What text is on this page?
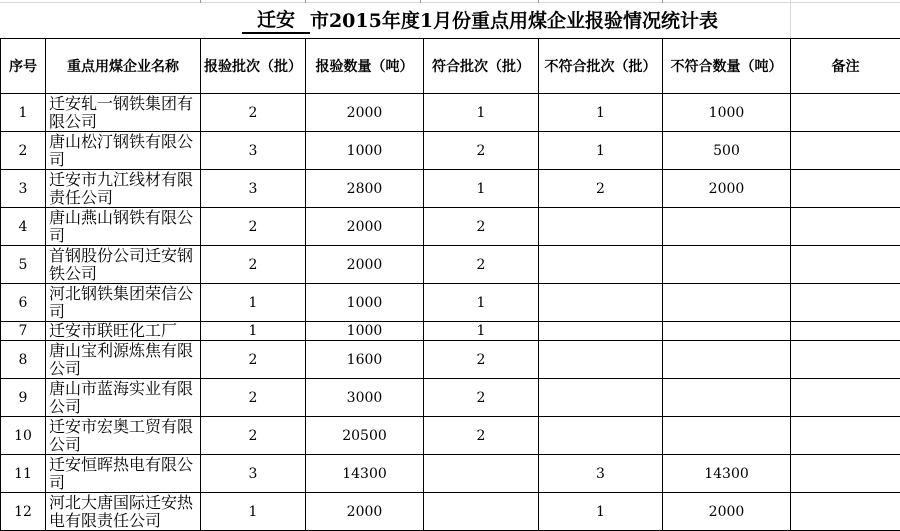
迁安 市2015年度1月份重点用煤企业报验情况统计表
序号	重点用煤企业名称	报验批次（批）	报验数量（吨）	符合批次（批）	不符合批次（批）	不符合数量（吨）	备注
1	迁安轧一钢铁集团有限公司	2	2000	1	1	1000	
2	唐山松汀钢铁有限公司	3	1000	2	1	500	
3	迁安市九江线材有限责任公司	3	2800	1	2	2000	
4	唐山燕山钢铁有限公司	2	2000	2			
5	首钢股份公司迁安钢铁公司	2	2000	2			
6	河北钢铁集团荣信公司	1	1000	1			
7	迁安市联旺化工厂	1	1000	1			
8	唐山宝利源炼焦有限公司	2	1600	2			
9	唐山市蓝海实业有限公司	2	3000	2			
10	迁安市宏奥工贸有限公司	2	20500	2			
11	迁安恒晖热电有限公司	3	14300		3	14300	
12	河北大唐国际迁安热电有限责任公司	1	2000		1	2000	
